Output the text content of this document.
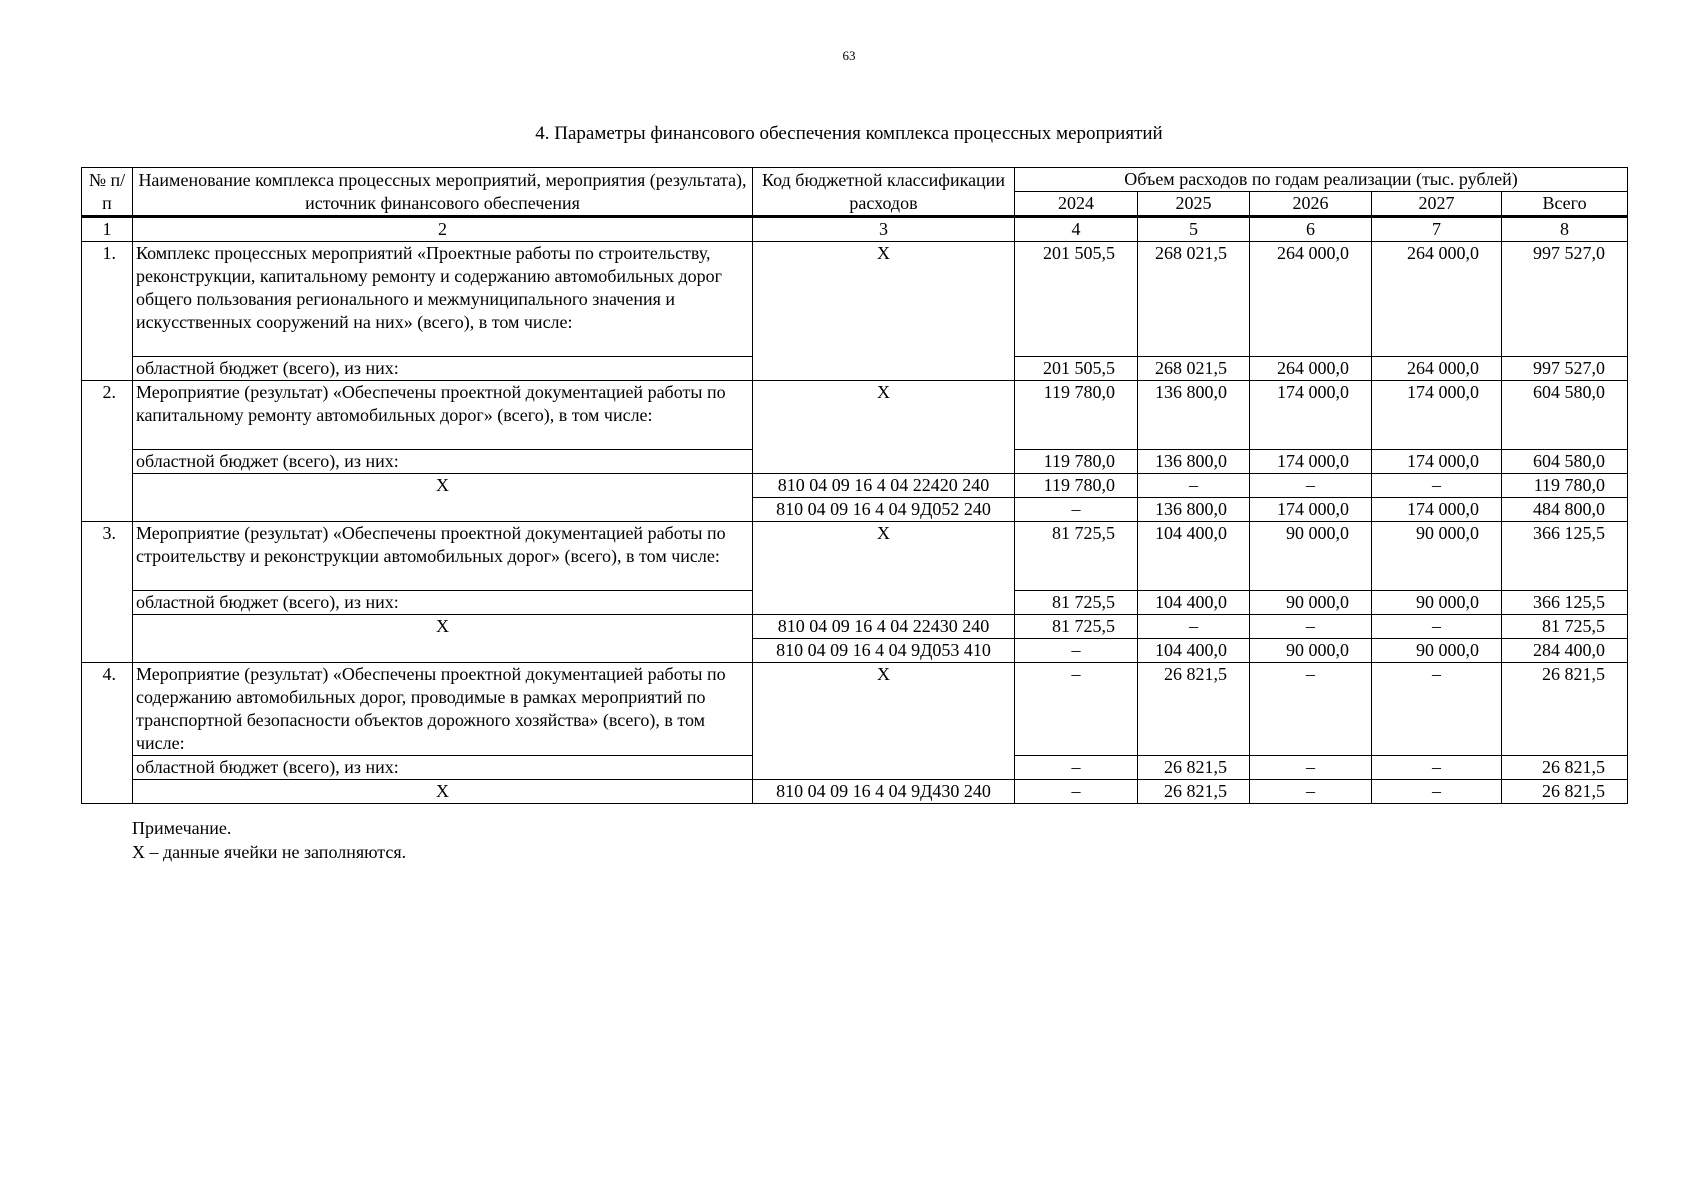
63
4. Параметры финансового обеспечения комплекса процессных мероприятий
№ п/п	Наименование комплекса процессных мероприятий, мероприятия (результата), источник финансового обеспечения	Код бюджетной классификации расходов	Объем расходов по годам реализации (тыс. рублей)				
			2024	2025	2026	2027	Всего
1	2	3	4	5	6	7	8
1.	Комплекс процессных мероприятий «Проектные работы по строительству, реконструкции, капитальному ремонту и содержанию автомобильных дорог общего пользования регионального и межмуниципального значения и искусственных сооружений на них» (всего), в том числе:	X	201 505,5	268 021,5	264 000,0	264 000,0	997 527,0
	областной бюджет (всего), из них:		201 505,5	268 021,5	264 000,0	264 000,0	997 527,0
2.	Мероприятие (результат) «Обеспечены проектной документацией работы по капитальному ремонту автомобильных дорог» (всего), в том числе:	X	119 780,0	136 800,0	174 000,0	174 000,0	604 580,0
	областной бюджет (всего), из них:		119 780,0	136 800,0	174 000,0	174 000,0	604 580,0
	X	810 04 09 16 4 04 22420 240	119 780,0	–	–	–	119 780,0
		810 04 09 16 4 04 9Д052 240	–	136 800,0	174 000,0	174 000,0	484 800,0
3.	Мероприятие (результат) «Обеспечены проектной документацией работы по строительству и реконструкции автомобильных дорог» (всего), в том числе:	X	81 725,5	104 400,0	90 000,0	90 000,0	366 125,5
	областной бюджет (всего), из них:		81 725,5	104 400,0	90 000,0	90 000,0	366 125,5
	X	810 04 09 16 4 04 22430 240	81 725,5	–	–	–	81 725,5
		810 04 09 16 4 04 9Д053 410	–	104 400,0	90 000,0	90 000,0	284 400,0
4.	Мероприятие (результат) «Обеспечены проектной документацией работы по содержанию автомобильных дорог, проводимые в рамках мероприятий по транспортной безопасности объектов дорожного хозяйства» (всего), в том числе:	X	–	26 821,5	–	–	26 821,5
	областной бюджет (всего), из них:		–	26 821,5	–	–	26 821,5
	X	810 04 09 16 4 04 9Д430 240	–	26 821,5	–	–	26 821,5
Примечание.
X – данные ячейки не заполняются.
